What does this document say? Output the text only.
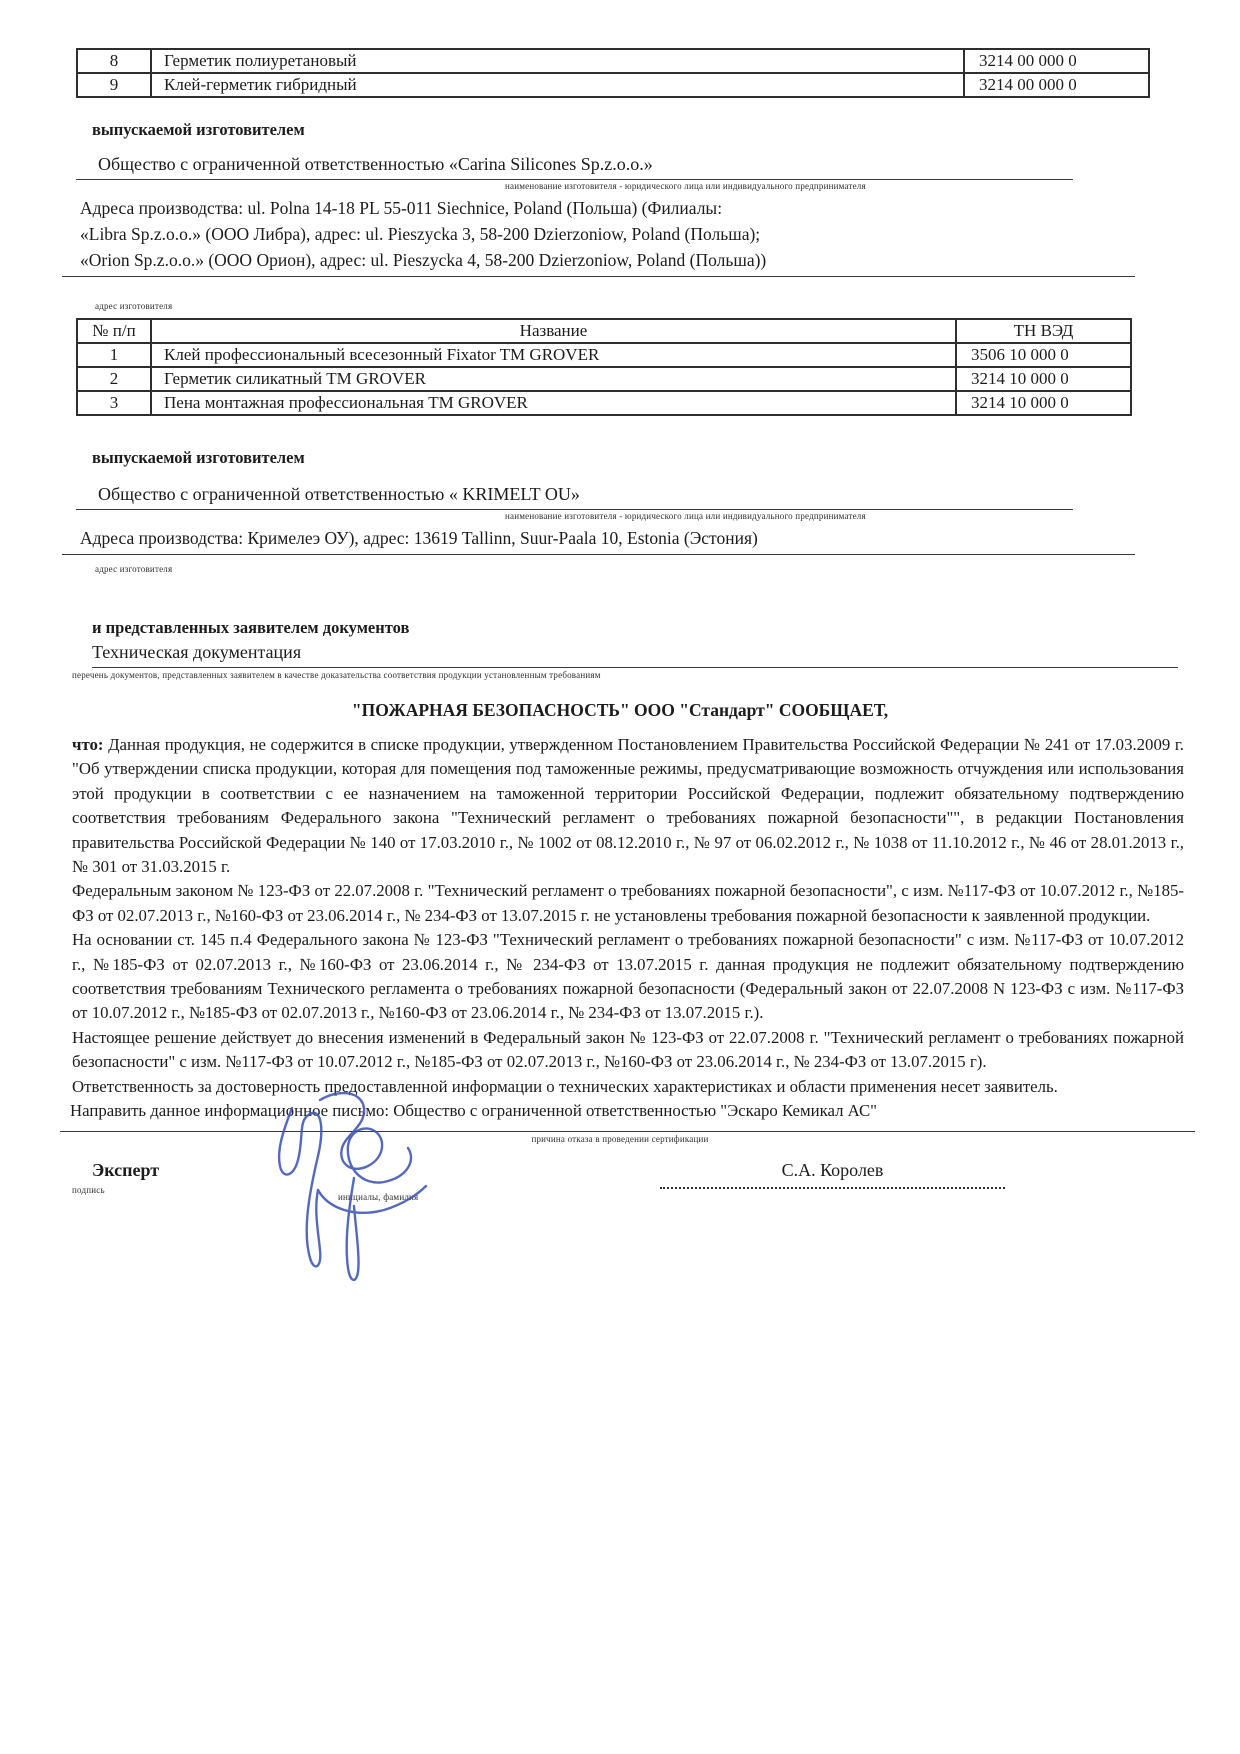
8	Герметик полиуретановый	3214 00 000 0
9	Клей-герметик гибридный	3214 00 000 0
выпускаемой изготовителем
Общество с ограниченной ответственностью «Carina Silicones Sp.z.o.o.»
наименование изготовителя - юридического лица или индивидуального предпринимателя
Адреса производства: ul. Polna 14-18 PL 55-011 Siechnice, Poland (Польша) (Филиалы:
«Libra Sp.z.o.o.» (ООО Либра), адрес: ul. Pieszycka 3, 58-200 Dzierzoniow, Poland (Польша);
«Orion Sp.z.o.o.» (ООО Орион), адрес: ul. Pieszycka 4, 58-200 Dzierzoniow, Poland (Польша))
адрес изготовителя
№ п/п	Название	ТН ВЭД
1	Клей профессиональный всесезонный Fixator TM GROVER	3506 10 000 0
2	Герметик силикатный TM GROVER	3214 10 000 0
3	Пена монтажная профессиональная TM GROVER	3214 10 000 0
выпускаемой изготовителем
Общество с ограниченной ответственностью « KRIMELT OU»
наименование изготовителя - юридического лица или индивидуального предпринимателя
Адреса производства: Кримелеэ ОУ), адрес: 13619 Tallinn, Suur-Paala 10, Estonia (Эстония)
адрес изготовителя
и представленных заявителем документов
Техническая документация
перечень документов, представленных заявителем в качестве доказательства соответствия продукции установленным требованиям
"ПОЖАРНАЯ БЕЗОПАСНОСТЬ" ООО "Стандарт" СООБЩАЕТ,

что: Данная продукция, не содержится в списке продукции, утвержденном Постановлением Правительства Российской Федерации № 241 от 17.03.2009 г. "Об утверждении списка продукции, которая для помещения под таможенные режимы, предусматривающие возможность отчуждения или использования этой продукции в соответствии с ее назначением на таможенной территории Российской Федерации, подлежит обязательному подтверждению соответствия требованиям Федерального закона "Технический регламент о требованиях пожарной безопасности"", в редакции Постановления правительства Российской Федерации № 140 от 17.03.2010 г., № 1002 от 08.12.2010 г., № 97 от 06.02.2012 г., № 1038 от 11.10.2012 г., № 46 от 28.01.2013 г., № 301 от 31.03.2015 г.

Федеральным законом № 123-ФЗ от 22.07.2008 г. "Технический регламент о требованиях пожарной безопасности", с изм. №117-ФЗ от 10.07.2012 г., №185-ФЗ от 02.07.2013 г., №160-ФЗ от 23.06.2014 г., № 234-ФЗ от 13.07.2015 г. не установлены требования пожарной безопасности к заявленной продукции.

На основании ст. 145 п.4 Федерального закона № 123-ФЗ "Технический регламент о требованиях пожарной безопасности" с изм. №117-ФЗ от 10.07.2012 г., №185-ФЗ от 02.07.2013 г., №160-ФЗ от 23.06.2014 г., № 234-ФЗ от 13.07.2015 г. данная продукция не подлежит обязательному подтверждению соответствия требованиям Технического регламента о требованиях пожарной безопасности (Федеральный закон от 22.07.2008 N 123-ФЗ с изм. №117-ФЗ от 10.07.2012 г., №185-ФЗ от 02.07.2013 г., №160-ФЗ от 23.06.2014 г., № 234-ФЗ от 13.07.2015 г.).

Настоящее решение действует до внесения изменений в Федеральный закон № 123-ФЗ от 22.07.2008 г. "Технический регламент о требованиях пожарной безопасности" с изм. №117-ФЗ от 10.07.2012 г., №185-ФЗ от 02.07.2013 г., №160-ФЗ от 23.06.2014 г., № 234-ФЗ от 13.07.2015 г).

Ответственность за достоверность предоставленной информации о технических характеристиках и области применения несет заявитель.

Направить данное информационное письмо: Общество с ограниченной ответственностью "Эскаро Кемикал АС"
причина отказа в проведении сертификации
Эксперт
подпись
С.А. Королев
инициалы, фамилия
